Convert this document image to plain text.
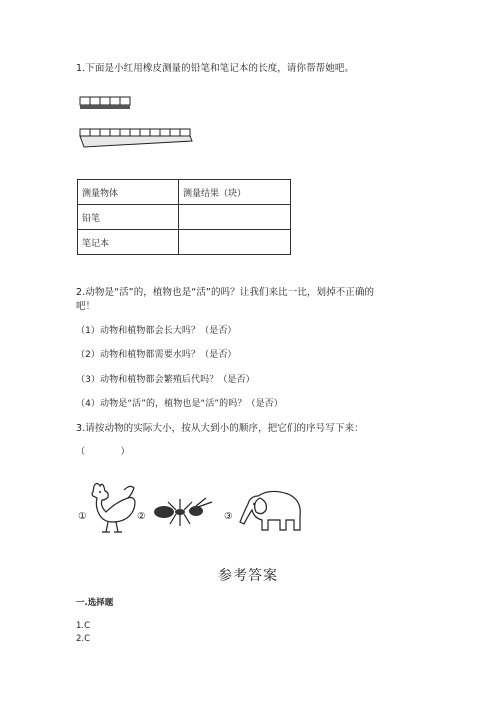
1.下面是小红用橡皮测量的铅笔和笔记本的长度，请你帮帮她吧。
测量物体	测量结果（块）
铅笔	
笔记本	
2.动物是“活”的，植物也是“活”的吗？让我们来比一比，划掉不正确的
吧！
（1）动物和植物都会长大吗？（是否）
（2）动物和植物都需要水吗？（是否）
（3）动物和植物都会繁殖后代吗？（是否）
（4）动物是“活”的，植物也是“活”的吗？（是否）
3.请按动物的实际大小，按从大到小的顺序，把它们的序号写下来：
（            ）
①	②	③
参考答案
一.选择题
1.C
2.C
